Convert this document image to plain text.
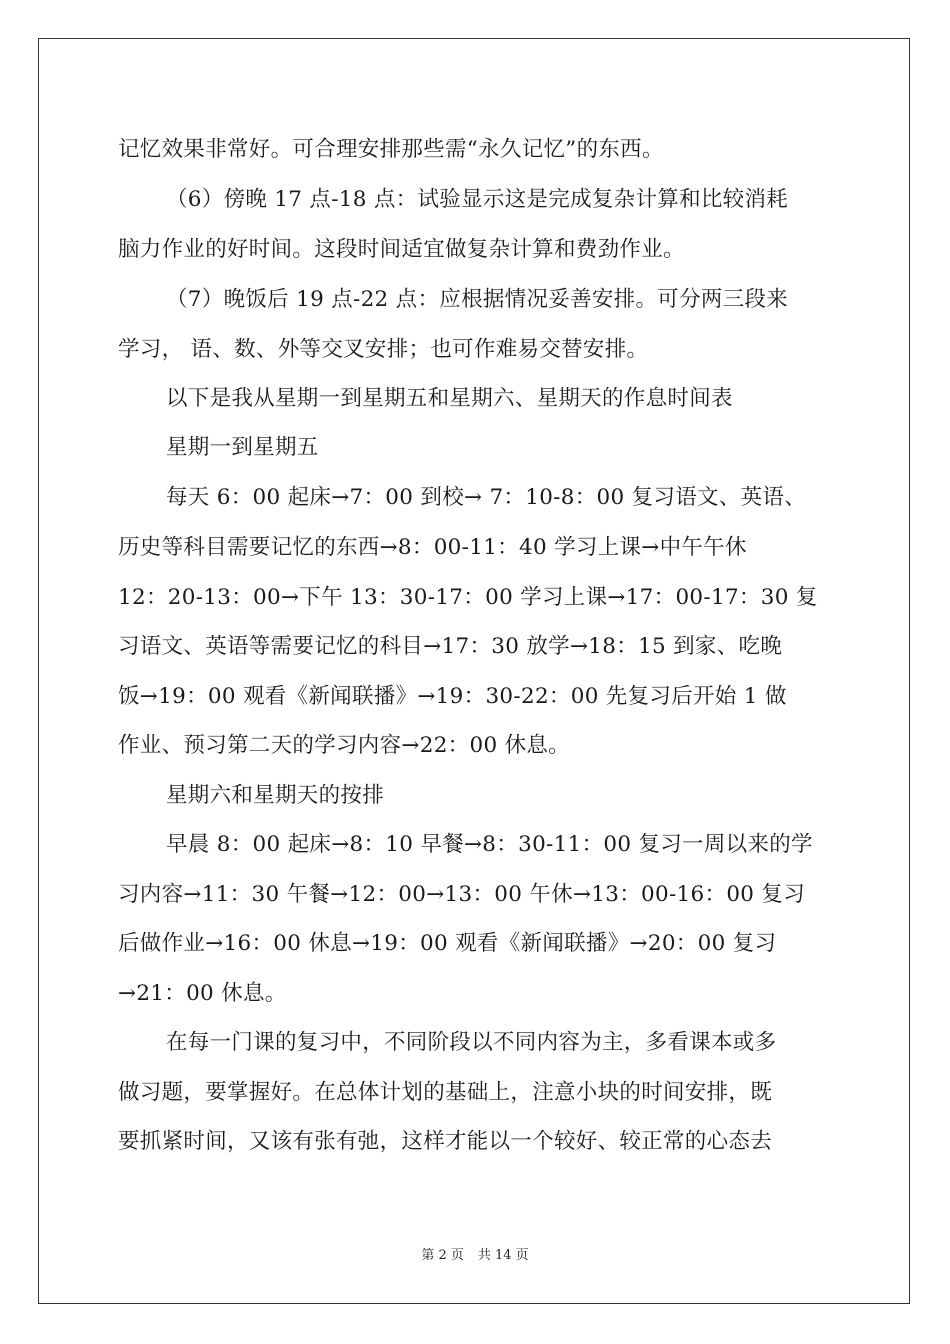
记忆效果非常好。可合理安排那些需“永久记忆”的东西。
（6）傍晚 17 点-18 点：试验显示这是完成复杂计算和比较消耗
脑力作业的好时间。这段时间适宜做复杂计算和费劲作业。
（7）晚饭后 19 点-22 点：应根据情况妥善安排。可分两三段来
学习， 语、数、外等交叉安排；也可作难易交替安排。
以下是我从星期一到星期五和星期六、星期天的作息时间表
星期一到星期五
每天 6：00 起床→7：00 到校→ 7：10-8：00 复习语文、英语、
历史等科目需要记忆的东西→8：00-11：40 学习上课→中午午休
12：20-13：00→下午 13：30-17：00 学习上课→17：00-17：30 复
习语文、英语等需要记忆的科目→17：30 放学→18：15 到家、吃晚
饭→19：00 观看《新闻联播》→19：30-22：00 先复习后开始 1 做
作业、预习第二天的学习内容→22：00 休息。
星期六和星期天的按排
早晨 8：00 起床→8：10 早餐→8：30-11：00 复习一周以来的学
习内容→11：30 午餐→12：00→13：00 午休→13：00-16：00 复习
后做作业→16：00 休息→19：00 观看《新闻联播》→20：00 复习
→21：00 休息。
在每一门课的复习中，不同阶段以不同内容为主，多看课本或多
做习题，要掌握好。在总体计划的基础上，注意小块的时间安排，既
要抓紧时间，又该有张有弛，这样才能以一个较好、较正常的心态去
第 2 页 共 14 页
